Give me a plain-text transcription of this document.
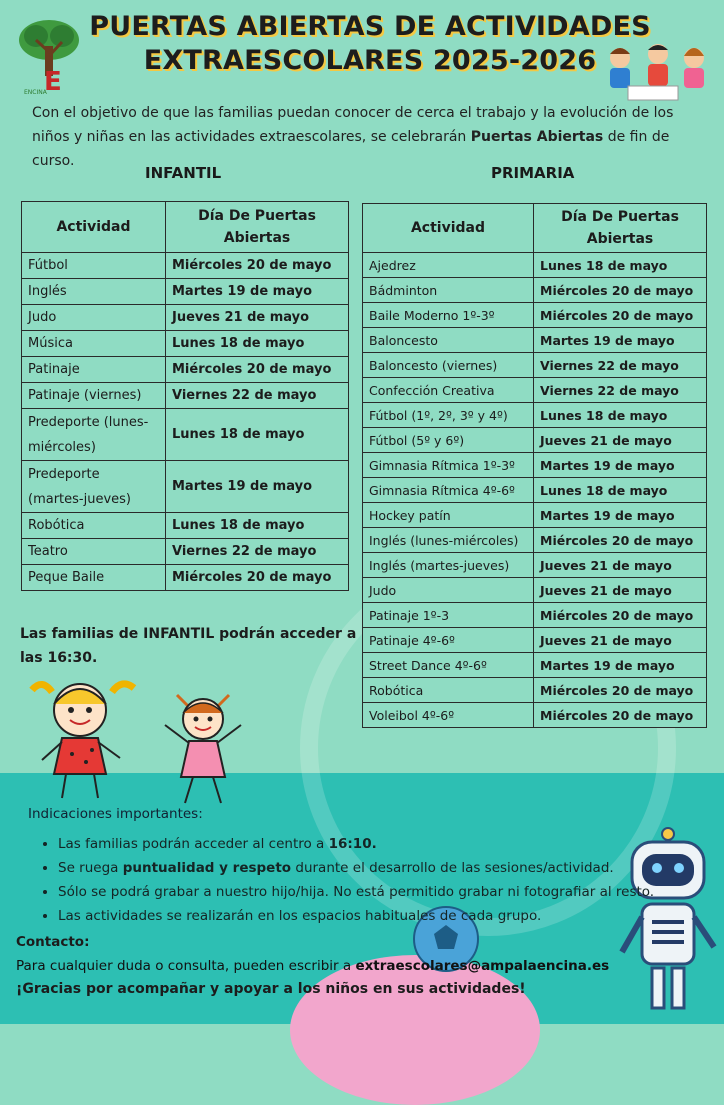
E
ENCINA
PUERTAS ABIERTAS DE ACTIVIDADES
EXTRAESCOLARES 2025-2026
Con el objetivo de que las familias puedan conocer de cerca el trabajo y la evolución de los niños y niñas en las actividades extraescolares, se celebrarán Puertas Abiertas de fin de curso.
INFANTIL	PRIMARIA
Actividad	Día De Puertas Abiertas
Fútbol	Miércoles 20 de mayo
Inglés	Martes 19 de mayo
Judo	Jueves 21 de mayo
Música	Lunes 18 de mayo
Patinaje	Miércoles 20 de mayo
Patinaje (viernes)	Viernes 22 de mayo
Predeporte (lunes-miércoles)	Lunes 18 de mayo
Predeporte (martes-jueves)	Martes 19 de mayo
Robótica	Lunes 18 de mayo
Teatro	Viernes 22 de mayo
Peque Baile	Miércoles 20 de mayo
Actividad	Día De Puertas Abiertas
Ajedrez	Lunes 18 de mayo
Bádminton	Miércoles 20 de mayo
Baile Moderno 1º-3º	Miércoles 20 de mayo
Baloncesto	Martes 19 de mayo
Baloncesto (viernes)	Viernes 22 de mayo
Confección Creativa	Viernes 22 de mayo
Fútbol (1º, 2º, 3º y 4º)	Lunes 18 de mayo
Fútbol (5º y 6º)	Jueves 21 de mayo
Gimnasia Rítmica 1º-3º	Martes 19 de mayo
Gimnasia Rítmica 4º-6º	Lunes 18 de mayo
Hockey patín	Martes 19 de mayo
Inglés (lunes-miércoles)	Miércoles 20 de mayo
Inglés (martes-jueves)	Jueves 21 de mayo
Judo	Jueves 21 de mayo
Patinaje 1º-3	Miércoles 20 de mayo
Patinaje 4º-6º	Jueves 21 de mayo
Street Dance 4º-6º	Martes 19 de mayo
Robótica	Miércoles 20 de mayo
Voleibol 4º-6º	Miércoles 20 de mayo
Las familias de INFANTIL podrán acceder a las 16:30.
Indicaciones importantes:
• Las familias podrán acceder al centro a 16:10.
• Se ruega puntualidad y respeto durante el desarrollo de las sesiones/actividad.
• Sólo se podrá grabar a nuestro hijo/hija. No está permitido grabar ni fotografiar al resto.
• Las actividades se realizarán en los espacios habituales de cada grupo.
Contacto:
Para cualquier duda o consulta, pueden escribir a extraescolares@ampalaencina.es
¡Gracias por acompañar y apoyar a los niños en sus actividades!
